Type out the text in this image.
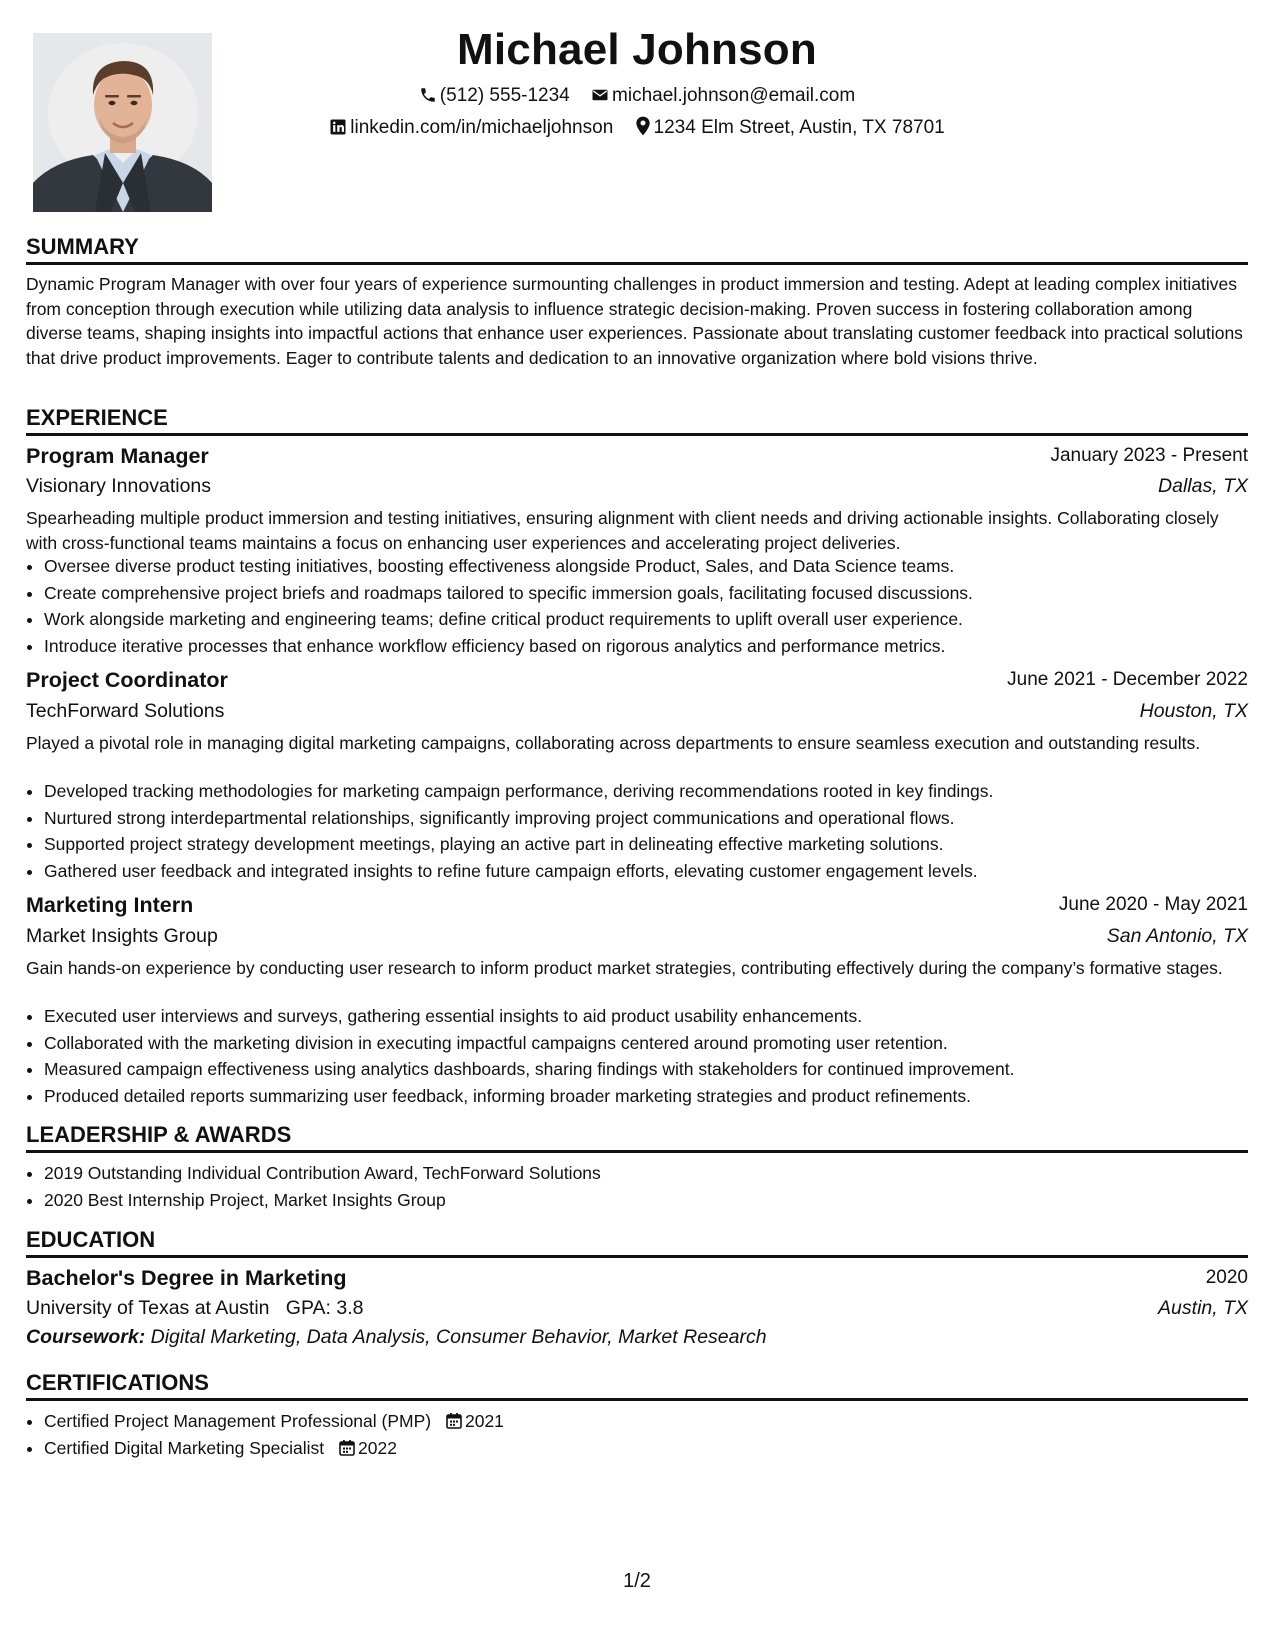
Michael Johnson
(512) 555-1234 michael.johnson@email.com
linkedin.com/in/michaeljohnson 1234 Elm Street, Austin, TX 78701
SUMMARY
Dynamic Program Manager with over four years of experience surmounting challenges in product immersion and testing. Adept at leading complex initiatives from conception through execution while utilizing data analysis to influence strategic decision-making. Proven success in fostering collaboration among diverse teams, shaping insights into impactful actions that enhance user experiences. Passionate about translating customer feedback into practical solutions that drive product improvements. Eager to contribute talents and dedication to an innovative organization where bold visions thrive.
EXPERIENCE
Program Manager	January 2023 - Present
Visionary Innovations	Dallas, TX
Spearheading multiple product immersion and testing initiatives, ensuring alignment with client needs and driving actionable insights. Collaborating closely with cross-functional teams maintains a focus on enhancing user experiences and accelerating project deliveries.
• Oversee diverse product testing initiatives, boosting effectiveness alongside Product, Sales, and Data Science teams.
• Create comprehensive project briefs and roadmaps tailored to specific immersion goals, facilitating focused discussions.
• Work alongside marketing and engineering teams; define critical product requirements to uplift overall user experience.
• Introduce iterative processes that enhance workflow efficiency based on rigorous analytics and performance metrics.
Project Coordinator	June 2021 - December 2022
TechForward Solutions	Houston, TX
Played a pivotal role in managing digital marketing campaigns, collaborating across departments to ensure seamless execution and outstanding results.
• Developed tracking methodologies for marketing campaign performance, deriving recommendations rooted in key findings.
• Nurtured strong interdepartmental relationships, significantly improving project communications and operational flows.
• Supported project strategy development meetings, playing an active part in delineating effective marketing solutions.
• Gathered user feedback and integrated insights to refine future campaign efforts, elevating customer engagement levels.
Marketing Intern	June 2020 - May 2021
Market Insights Group	San Antonio, TX
Gain hands-on experience by conducting user research to inform product market strategies, contributing effectively during the company’s formative stages.
• Executed user interviews and surveys, gathering essential insights to aid product usability enhancements.
• Collaborated with the marketing division in executing impactful campaigns centered around promoting user retention.
• Measured campaign effectiveness using analytics dashboards, sharing findings with stakeholders for continued improvement.
• Produced detailed reports summarizing user feedback, informing broader marketing strategies and product refinements.
LEADERSHIP & AWARDS
• 2019 Outstanding Individual Contribution Award, TechForward Solutions
• 2020 Best Internship Project, Market Insights Group
EDUCATION
Bachelor's Degree in Marketing	2020
University of Texas at Austin GPA: 3.8	Austin, TX
Coursework: Digital Marketing, Data Analysis, Consumer Behavior, Market Research
CERTIFICATIONS
• Certified Project Management Professional (PMP) 2021
• Certified Digital Marketing Specialist 2022
1/2
